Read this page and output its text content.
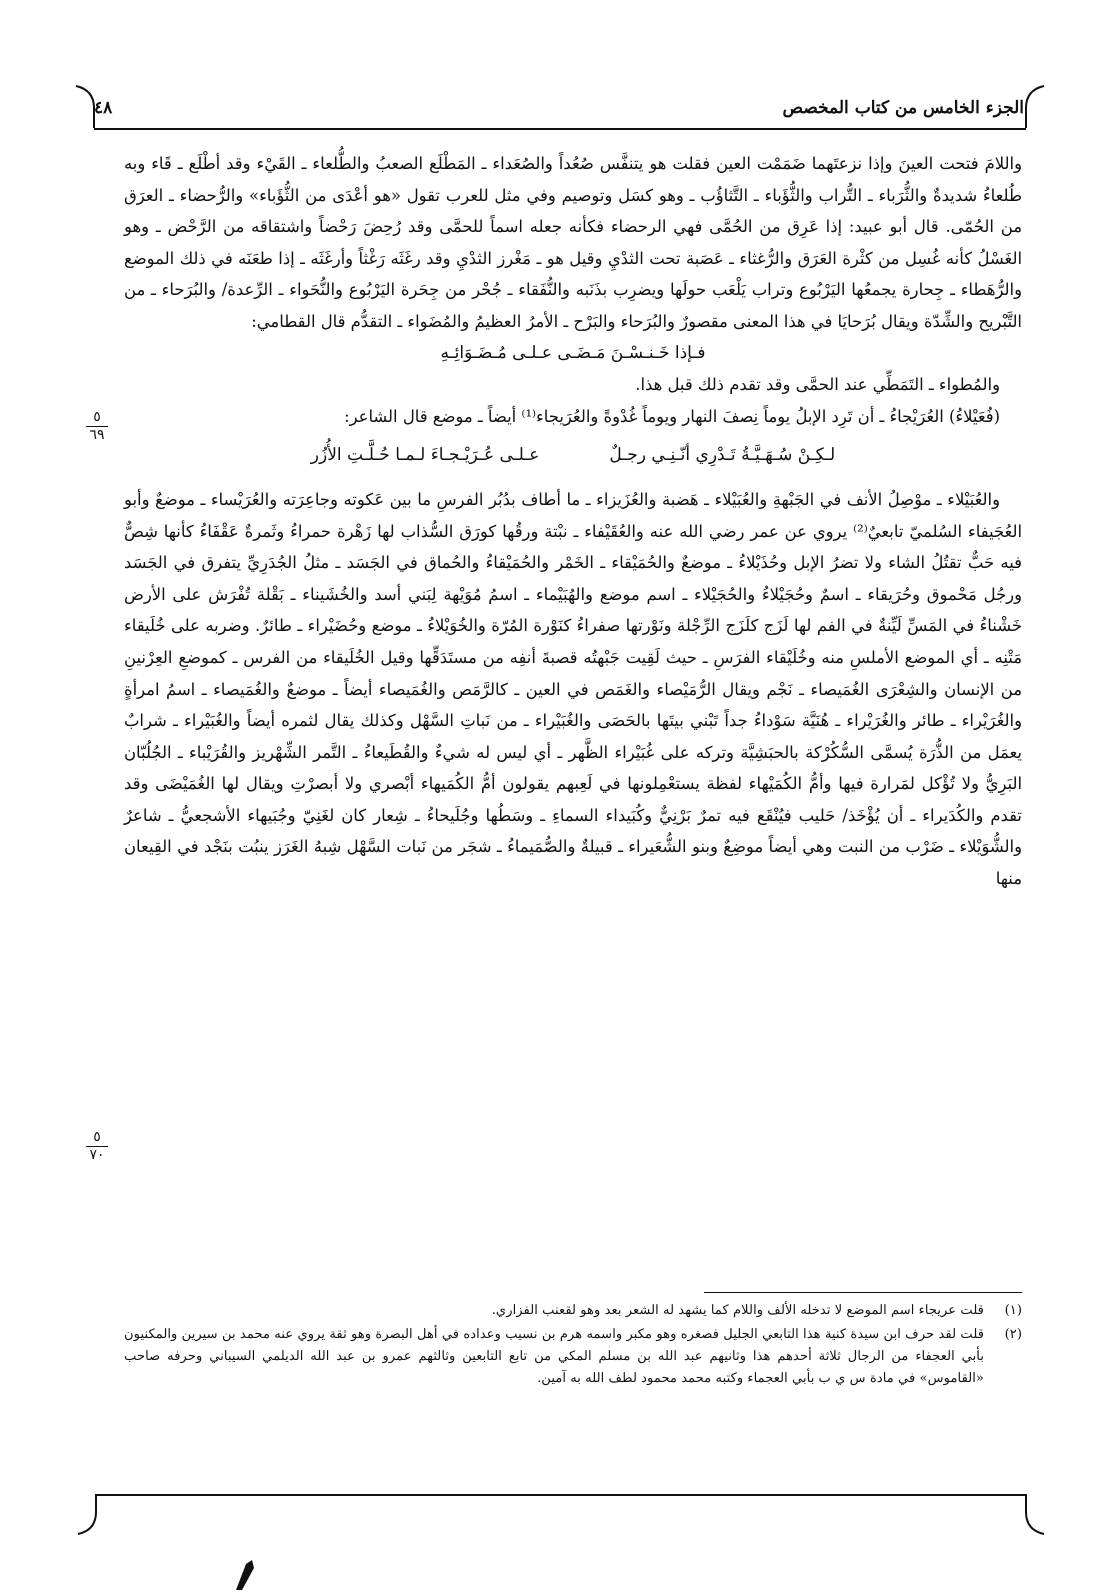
الجزء الخامس من كتاب المخصص
٤٨

واللامَ فتحت العينَ وإذا نزعتَهما ضَمَمْت العين فقلت هو يتنفَّس صُعُداً والصُعَداء ـ المَطْلَع الصعبُ والطُّلعاء ـ القَيْء وقد أطْلَع ـ قَاء وبه طُلعاءُ شديدةٌ والثُّرَباء ـ التُّراب والثُّؤَباء ـ التَّثاؤُب ـ وهو كسَل وتوصيم وفي مثل للعرب تقول «هو أعْدَى من الثُّؤَباء» والرُّحضاء ـ العرَق من الحُمّى. قال أبو عبيد: إذا عَرِق من الحُمَّى فهي الرحضاء فكأنه جعله اسماً للحمَّى وقد رُحِضَ رَحْضاً واشتقاقه من الرَّحْض ـ وهو الغَسْلُ كأنه غُسِل من كثْرة العَرَق والرُّغثاء ـ عَصَبة تحت الثدْيِ وقيل هو ـ مَغْرز الثدْيِ وقد رغَثَه رَغْثاً وأرغَثَه ـ إذا طعَنَه في ذلك الموضع والرُّهَطاء ـ جِحارة يجمعُها اليَرْبُوع وتراب يَلْعَب حولَها ويضرِب بذَنَبه والنُّفَقاء ـ جُحْر من جِحَرة اليَرْبُوع والنُّحَواء ـ الرِّعدة/ والبُرَحاء ـ من التَّبْريح والشِّدّة ويقال بُرَحايَا في هذا المعنى مقصورٌ والبُرَحاء والبَرْح ـ الأمرُ العظيمُ والمُضَواء ـ التقدُّم قال القطامي:

فـإذا خَـنـسْـنَ مَـضَـى عـلـى مُـضَـوَائِـهِ

والمُطواء ـ التَمَطِّي عند الحمَّى وقد تقدم ذلك قبل هذا.

(فُعَيْلاءُ) العُرَيْجاءُ ـ أن تَرِد الإبلُ يوماً نِصفَ النهار ويوماً غُدْوةً والعُرَيجاء⁽¹⁾ أيضاً ـ موضع قال الشاعر:

لـكِـنْ سُـهَـيَّـةُ تَـدْرِي أنّـنِـي رجـلٌ
عـلـى عُـرَيْـجـاءَ لـمـا حُـلَّـتِ الأُزُر

والعُبَيْلاء ـ موْصِلُ الأنف في الجَبْهةِ والعُبَيْلاء ـ هَضبة والعُزَيزاء ـ ما أطاف بدُبُر الفرسِ ما بين عَكوته وجاعِرَته والعُرَيْساء ـ موضعٌ وأبو العُجَيفاء السُلميّ تابعيٌ⁽²⁾ يروي عن عمر رضي الله عنه والعُقَيْفاء ـ نبْتة ورقُها كورَق السُّذاب لها زَهْرة حمراءُ وثَمرةٌ عَقْفَاءُ كأنها شِصٌّ فيه حَبٌّ تقتُلُ الشاء ولا تضرُ الإبل وحُذَيْلاءُ ـ موضعٌ والحُمَيْقاء ـ الخَمْر والحُمَيْقاءُ والحُماق في الجَسَد ـ مثلُ الجُدَرِيِّ يتفرق في الجَسَد ورجُل مَحْموق وحُرَيقاء ـ اسمٌ وحُجَيْلاءُ والحُجَيْلاء ـ اسم موضع والهُبَيْماء ـ اسمُ مُوَيْهة لِبَني أسد والخُشَيناء ـ بَقْلة تُفْرَش على الأرض خَشْناءُ في المَسِّ لَيِّنةٌ في الفم لها لَزَج كلَزَج الرِّجْلة ونَوْرتها صفراءُ كنَوْرة المُرّة والخُوَيْلاءُ ـ موضع وحُضَيْراء ـ طائرٌ. وضربه على خُلَيقاء مَتْنِه ـ أي الموضع الأملسِ منه وخُلَيْقاء الفرَسِ ـ حيث لَقِيت جَبْهتُه قصبةَ أنفِه من مستَدَقِّها وقيل الخُلَيقاء من الفرس ـ كموضعِ العِرْنينِ من الإنسان والشِعْرَى الغُمَيصاء ـ نَجْم ويقال الرُّمَيْصاء والغَمَص في العين ـ كالرَّمَص والغُمَيصاء أيضاً ـ موضعٌ والغُمَيصاء ـ اسمُ امرأةٍ والغُرَيْراء ـ طائر والغُرَيْراء ـ هُنَيَّة سَوْداءُ جداً تَبْني بيتَها بالحَصَى والغُبَيْراء ـ من نَباتِ السَّهْل وكذلك يقال لثمره أيضاً والغُبَيْراء ـ شرابٌ يعمَل من الذُّرَة يُسمَّى السُّكُرْكة بالحبَشِيَّة وتركه على غُبَيْراء الظَّهر ـ أي ليس له شيءٌ والقُطَيعاءُ ـ التَّمر الشِّهْريز والقُرَيْباء ـ الجُلُبّان البَرِيُّ ولا تُؤْكل لمَرارة فيها وأمُّ الكُمَيْهاء لفظة يستعْمِلونها في لَعِبهم يقولون أمُّ الكُمَيهاء أبْصري ولا أبصرْتِ ويقال لها الغُمَيْضَى وقد تقدم والكُدَيراء ـ أن يُؤْخَذ/ حَليب فيُنْقَع فيه تمرٌ بَرْنِيٌّ وكُبَيداء السماءِ ـ وسَطُها وجُلَيحاءُ ـ شِعار كان لغَنِيّ وجُبَيهاء الأشجعيُّ ـ شاعرٌ والشُّوَيْلاء ـ ضَرْب من النبت وهي أيضاً موضِعٌ وبنو الشُّعَيراء ـ قبيلةٌ والصُّمَيماءُ ـ شجَر من نَبات السَّهْل شِبهُ الغَرَز ينبُت بنَجْد في القِيعان منها

٥
٦٩
٥
٧٠
(١)
قلت عريجاء اسم الموضع لا تدخله الألف واللام كما يشهد له الشعر بعد وهو لقعنب الفزاري.
(٢)
قلت لقد حرف ابن سيدة كنية هذا التابعي الجليل فصغره وهو مكبر واسمه هرم بن نسيب وعداده في أهل البصرة وهو ثقة يروي عنه محمد بن سيرين والمكنيون بأبي العجفاء من الرجال ثلاثة أحدهم هذا وثانيهم عبد الله بن مسلم المكي من تابع التابعين وثالثهم عمرو بن عبد الله الديلمي السيباني وحرفه صاحب «القاموس» في مادة س ي ب بأبي العجماء وكتبه محمد محمود لطف الله به آمين.
